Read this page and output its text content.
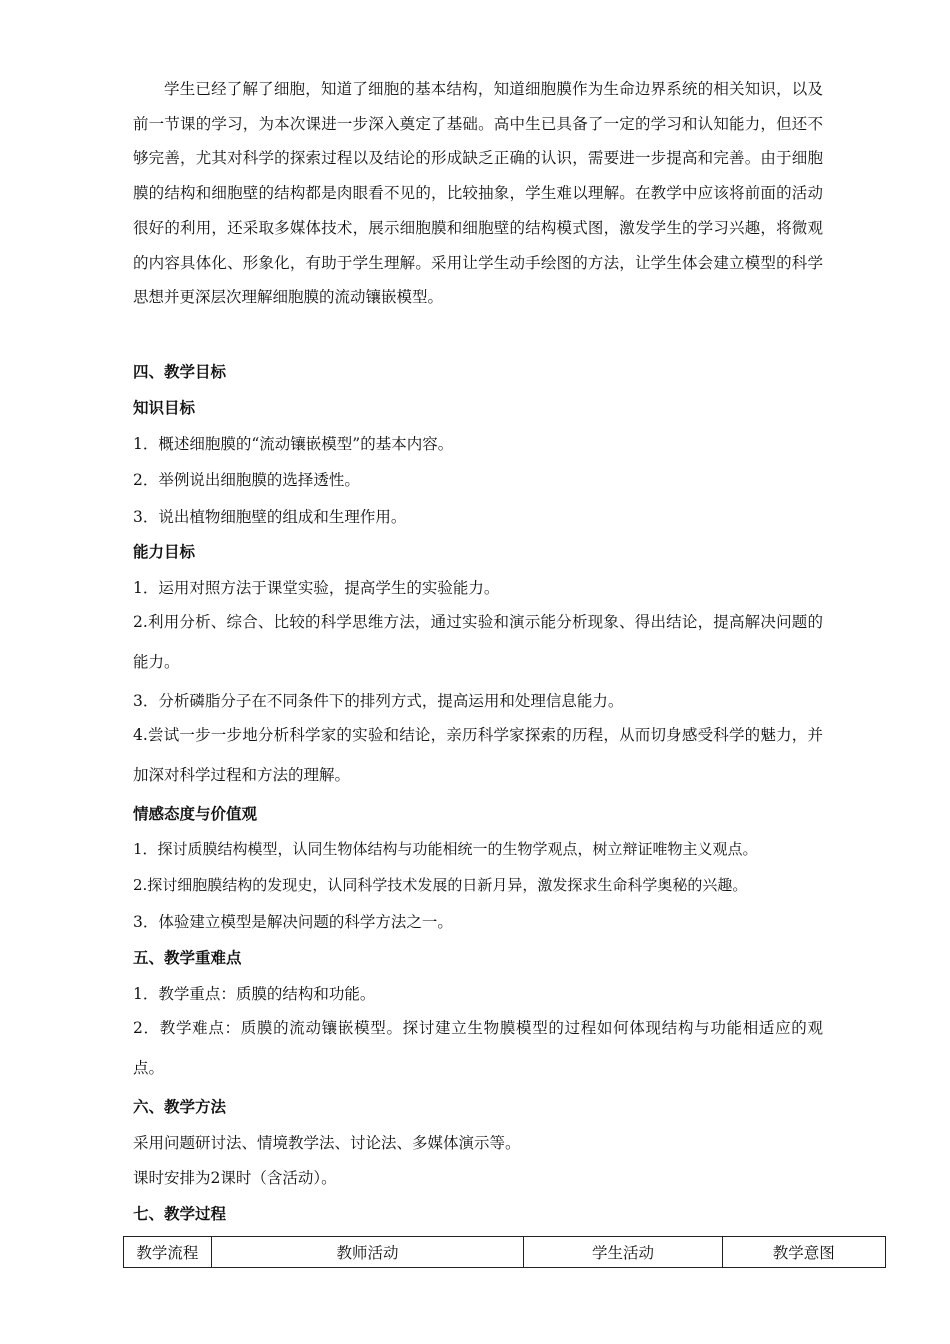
学生已经了解了细胞，知道了细胞的基本结构，知道细胞膜作为生命边界系统的相关知识，以及前一节课的学习，为本次课进一步深入奠定了基础。高中生已具备了一定的学习和认知能力，但还不够完善，尤其对科学的探索过程以及结论的形成缺乏正确的认识，需要进一步提高和完善。由于细胞膜的结构和细胞壁的结构都是肉眼看不见的，比较抽象，学生难以理解。在教学中应该将前面的活动很好的利用，还采取多媒体技术，展示细胞膜和细胞壁的结构模式图，激发学生的学习兴趣，将微观的内容具体化、形象化，有助于学生理解。采用让学生动手绘图的方法，让学生体会建立模型的科学思想并更深层次理解细胞膜的流动镶嵌模型。

四、教学目标

知识目标

1．概述细胞膜的“流动镶嵌模型”的基本内容。

2．举例说出细胞膜的选择透性。

3．说出植物细胞壁的组成和生理作用。

能力目标

1．运用对照方法于课堂实验，提高学生的实验能力。

2.利用分析、综合、比较的科学思维方法，通过实验和演示能分析现象、得出结论，提高解决问题的能力。

3．分析磷脂分子在不同条件下的排列方式，提高运用和处理信息能力。

4.尝试一步一步地分析科学家的实验和结论，亲历科学家探索的历程，从而切身感受科学的魅力，并加深对科学过程和方法的理解。

情感态度与价值观

1．探讨质膜结构模型，认同生物体结构与功能相统一的生物学观点，树立辩证唯物主义观点。

2.探讨细胞膜结构的发现史，认同科学技术发展的日新月异，激发探求生命科学奥秘的兴趣。

3．体验建立模型是解决问题的科学方法之一。

五、教学重难点

1．教学重点：质膜的结构和功能。

2．教学难点：质膜的流动镶嵌模型。探讨建立生物膜模型的过程如何体现结构与功能相适应的观点。

六、教学方法

采用问题研讨法、情境教学法、讨论法、多媒体演示等。

课时安排为2课时（含活动）。

七、教学过程

教学流程	教师活动	学生活动	教学意图
